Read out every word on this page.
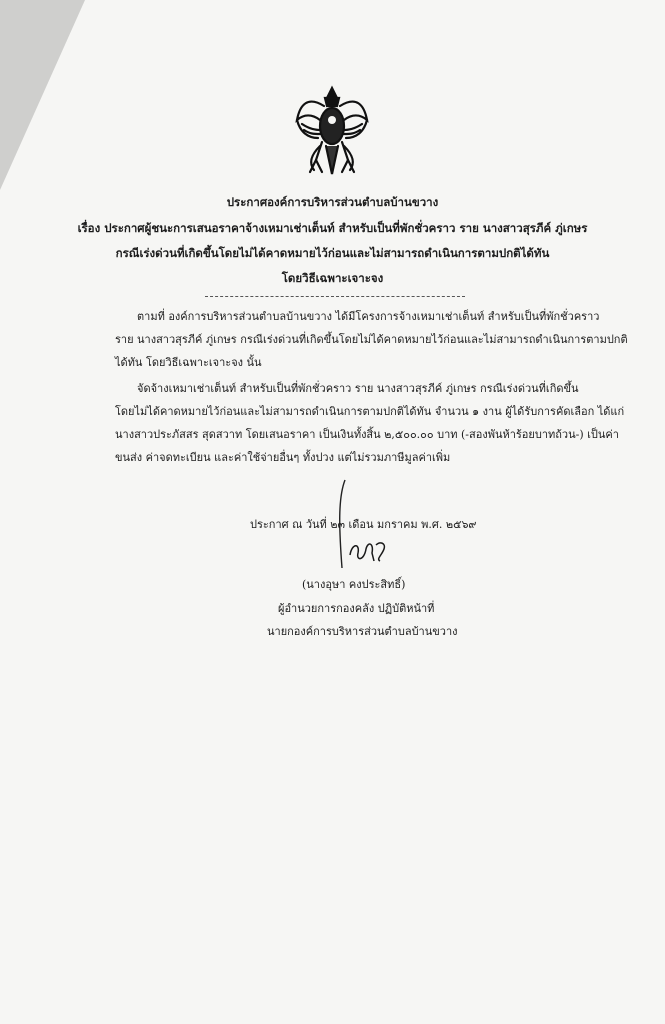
ประกาศองค์การบริหารส่วนตำบลบ้านขวาง
เรื่อง ประกาศผู้ชนะการเสนอราคาจ้างเหมาเช่าเต็นท์ สำหรับเป็นที่พักชั่วคราว ราย นางสาวสุรภีค์ ภู่เกษร
กรณีเร่งด่วนที่เกิดขึ้นโดยไม่ได้คาดหมายไว้ก่อนและไม่สามารถดำเนินการตามปกติได้ทัน
โดยวิธีเฉพาะเจาะจง
ตามที่ องค์การบริหารส่วนตำบลบ้านขวาง ได้มีโครงการจ้างเหมาเช่าเต็นท์ สำหรับเป็นที่พักชั่วคราว
ราย นางสาวสุรภีค์ ภู่เกษร กรณีเร่งด่วนที่เกิดขึ้นโดยไม่ได้คาดหมายไว้ก่อนและไม่สามารถดำเนินการตามปกติ
ได้ทัน โดยวิธีเฉพาะเจาะจง นั้น
จัดจ้างเหมาเช่าเต็นท์ สำหรับเป็นที่พักชั่วคราว ราย นางสาวสุรภีค์ ภู่เกษร กรณีเร่งด่วนที่เกิดขึ้น
โดยไม่ได้คาดหมายไว้ก่อนและไม่สามารถดำเนินการตามปกติได้ทัน จำนวน ๑ งาน ผู้ได้รับการคัดเลือก ได้แก่
นางสาวประภัสสร สุดสวาท โดยเสนอราคา เป็นเงินทั้งสิ้น ๒,๕๐๐.๐๐ บาท (-สองพันห้าร้อยบาทถ้วน-) เป็นค่า
ขนส่ง ค่าจดทะเบียน และค่าใช้จ่ายอื่นๆ ทั้งปวง แต่ไม่รวมภาษีมูลค่าเพิ่ม
ประกาศ ณ วันที่ ๒๓ เดือน มกราคม พ.ศ. ๒๕๖๙
(นางอุษา คงประสิทธิ์)
ผู้อำนวยการกองคลัง ปฏิบัติหน้าที่
นายกองค์การบริหารส่วนตำบลบ้านขวาง
